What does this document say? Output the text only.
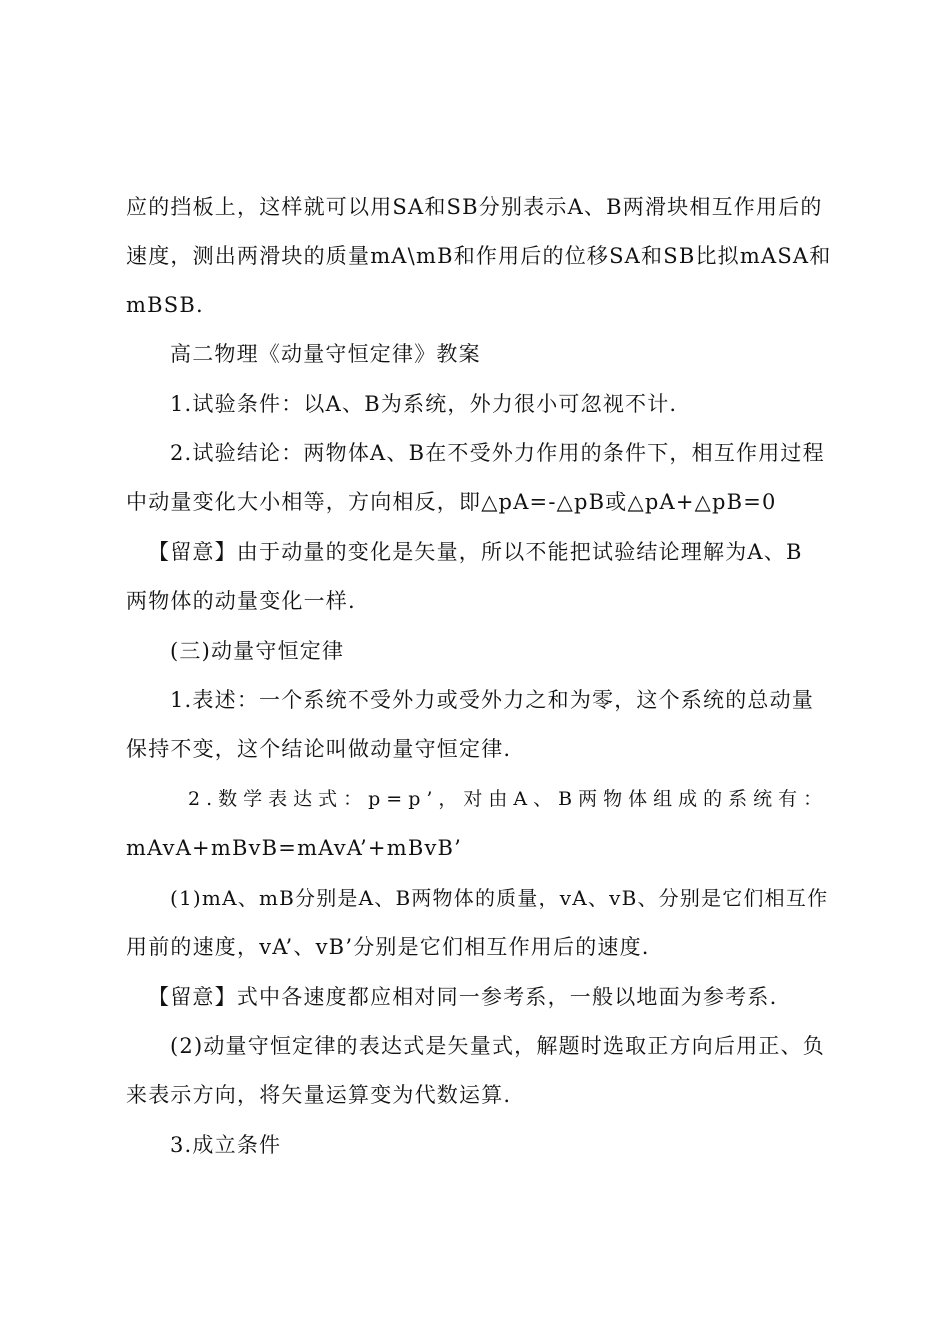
应的挡板上，这样就可以用SA和SB分别表示A、B两滑块相互作用后的
速度，测出两滑块的质量mA\mB和作用后的位移SA和SB比拟mASA和
mBSB.
高二物理《动量守恒定律》教案
1.试验条件：以A、B为系统，外力很小可忽视不计.
2.试验结论：两物体A、B在不受外力作用的条件下，相互作用过程
中动量变化大小相等，方向相反，即△pA=-△pB或△pA+△pB=0
【留意】由于动量的变化是矢量，所以不能把试验结论理解为A、B
两物体的动量变化一样.
(三)动量守恒定律
1.表述：一个系统不受外力或受外力之和为零，这个系统的总动量
保持不变，这个结论叫做动量守恒定律.
2.数学表达式：p=p’，对由A、B两物体组成的系统有：
mAvA+mBvB=mAvA’+mBvB’
(1)mA、mB分别是A、B两物体的质量，vA、vB、分别是它们相互作
用前的速度，vA’、vB’分别是它们相互作用后的速度.
【留意】式中各速度都应相对同一参考系，一般以地面为参考系.
(2)动量守恒定律的表达式是矢量式，解题时选取正方向后用正、负
来表示方向，将矢量运算变为代数运算.
3.成立条件
